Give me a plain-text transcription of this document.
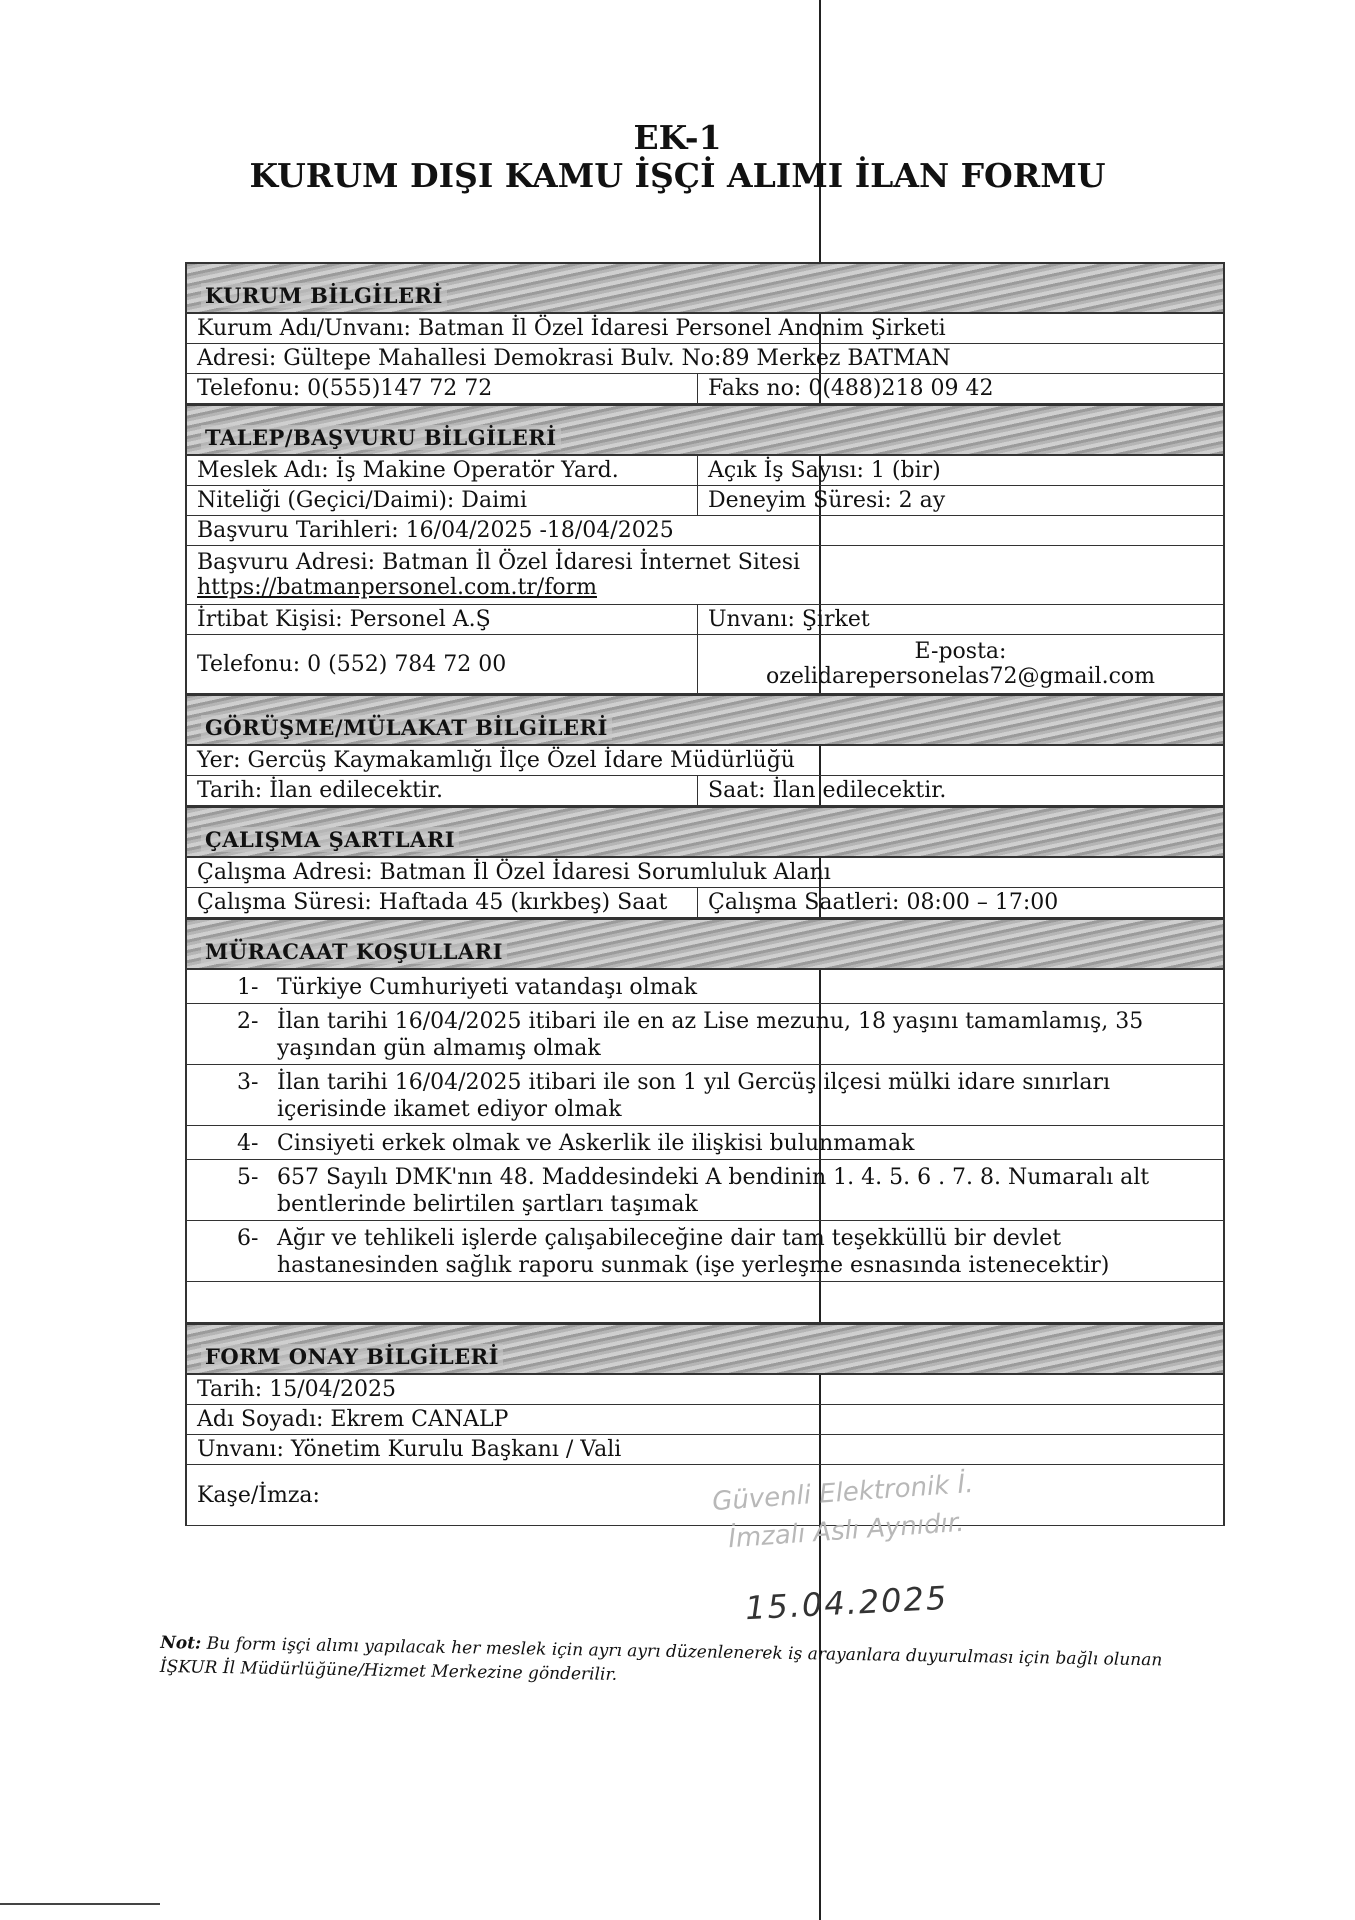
EK-1
KURUM DIŞI KAMU İŞÇİ ALIMI İLAN FORMU
KURUM BİLGİLERİ
Kurum Adı/Unvanı: Batman İl Özel İdaresi Personel Anonim Şirketi
Adresi: Gültepe Mahallesi Demokrasi Bulv. No:89 Merkez BATMAN
Telefonu: 0(555)147 72 72	Faks no: 0(488)218 09 42
TALEP/BAŞVURU BİLGİLERİ
Meslek Adı: İş Makine Operatör Yard.	Açık İş Sayısı: 1 (bir)
Niteliği (Geçici/Daimi): Daimi	Deneyim Süresi: 2 ay
Başvuru Tarihleri: 16/04/2025 -18/04/2025
Başvuru Adresi: Batman İl Özel İdaresi İnternet Sitesi
https://batmanpersonel.com.tr/form
İrtibat Kişisi: Personel A.Ş	Unvanı: Şirket
Telefonu: 0 (552) 784 72 00	E-posta:
ozelidarepersonelas72@gmail.com
GÖRÜŞME/MÜLAKAT BİLGİLERİ
Yer: Gercüş Kaymakamlığı İlçe Özel İdare Müdürlüğü
Tarih: İlan edilecektir.	Saat: İlan edilecektir.
ÇALIŞMA ŞARTLARI
Çalışma Adresi: Batman İl Özel İdaresi Sorumluluk Alanı
Çalışma Süresi: Haftada 45 (kırkbeş) Saat	Çalışma Saatleri: 08:00 – 17:00
MÜRACAAT KOŞULLARI
1- Türkiye Cumhuriyeti vatandaşı olmak
2- İlan tarihi 16/04/2025 itibari ile en az Lise mezunu, 18 yaşını tamamlamış, 35 yaşından gün almamış olmak
3- İlan tarihi 16/04/2025 itibari ile son 1 yıl Gercüş ilçesi mülki idare sınırları içerisinde ikamet ediyor olmak
4- Cinsiyeti erkek olmak ve Askerlik ile ilişkisi bulunmamak
5- 657 Sayılı DMK'nın 48. Maddesindeki A bendinin 1. 4. 5. 6 . 7. 8. Numaralı alt bentlerinde belirtilen şartları taşımak
6- Ağır ve tehlikeli işlerde çalışabileceğine dair tam teşekküllü bir devlet hastanesinden sağlık raporu sunmak (işe yerleşme esnasında istenecektir)
FORM ONAY BİLGİLERİ
Tarih: 15/04/2025
Adı Soyadı: Ekrem CANALP
Unvanı: Yönetim Kurulu Başkanı / Vali
Kaşe/İmza:	Güvenli Elektronik İ.
İmzalı Aslı Aynıdır.
15.04.2025
Not: Bu form işçi alımı yapılacak her meslek için ayrı ayrı düzenlenerek iş arayanlara duyurulması için bağlı olunan İŞKUR İl Müdürlüğüne/Hizmet Merkezine gönderilir.
